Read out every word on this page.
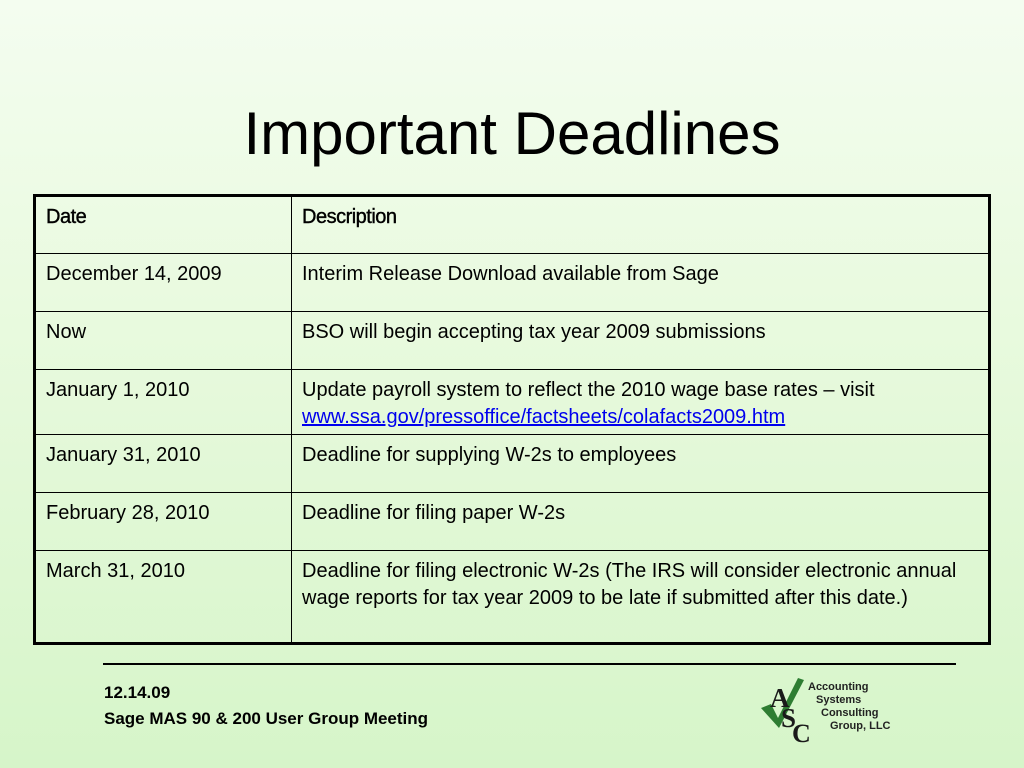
Important Deadlines
Date	Description
December 14, 2009	Interim Release Download available from Sage
Now	BSO will begin accepting tax year 2009 submissions
January 1, 2010	Update payroll system to reflect the 2010 wage base rates – visit
www.ssa.gov/pressoffice/factsheets/colafacts2009.htm
January 31, 2010	Deadline for supplying W-2s to employees
February 28, 2010	Deadline for filing paper W-2s
March 31, 2010	Deadline for filing electronic W-2s (The IRS will consider electronic annual wage reports for tax year 2009 to be late if submitted after this date.)
12.14.09
Sage MAS 90 & 200 User Group Meeting
A
S
C
Accounting
Systems
Consulting
Group, LLC
